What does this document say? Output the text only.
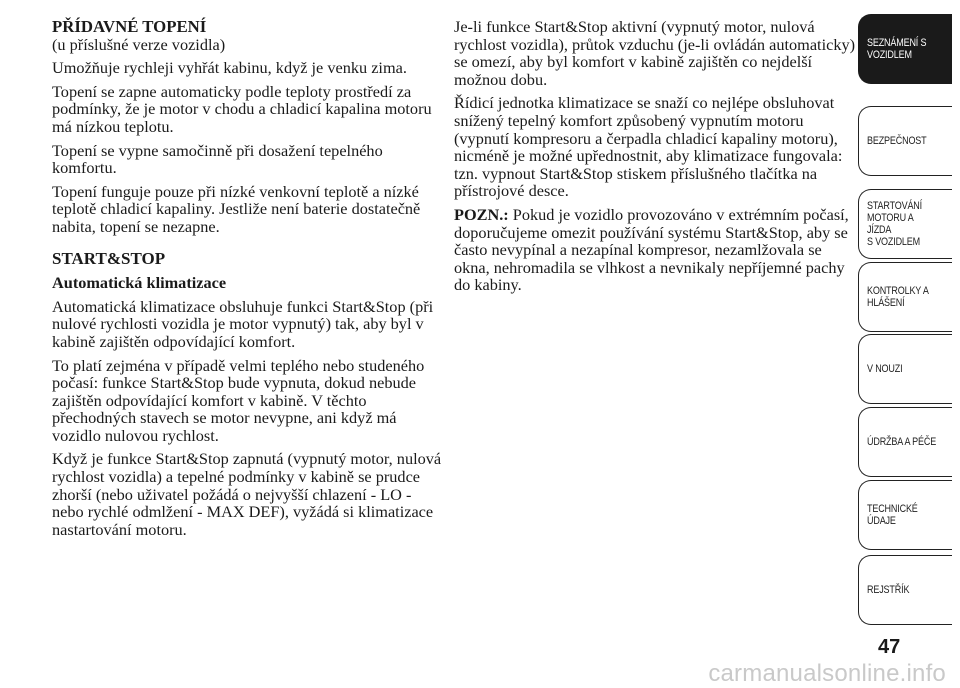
PŘÍDAVNÉ TOPENÍ

(u příslušné verze vozidla)

Umožňuje rychleji vyhřát kabinu, když je venku zima.

Topení se zapne automaticky podle teploty prostředí za podmínky, že je motor v chodu a chladicí kapalina motoru má nízkou teplotu.

Topení se vypne samočinně při dosažení tepelného komfortu.

Topení funguje pouze při nízké venkovní teplotě a nízké teplotě chladicí kapaliny. Jestliže není baterie dostatečně nabita, topení se nezapne.

START&STOP

Automatická klimatizace

Automatická klimatizace obsluhuje funkci Start&Stop (při nulové rychlosti vozidla je motor vypnutý) tak, aby byl v kabině zajištěn odpovídající komfort.

To platí zejména v případě velmi teplého nebo studeného počasí: funkce Start&Stop bude vypnuta, dokud nebude zajištěn odpovídající komfort v kabině. V těchto přechodných stavech se motor nevypne, ani když má vozidlo nulovou rychlost.

Když je funkce Start&Stop zapnutá (vypnutý motor, nulová rychlost vozidla) a tepelné podmínky v kabině se prudce zhorší (nebo uživatel požádá o nejvyšší chlazení - LO - nebo rychlé odmlžení - MAX DEF), vyžádá si klimatizace nastartování motoru.

Je-li funkce Start&Stop aktivní (vypnutý motor, nulová rychlost vozidla), průtok vzduchu (je-li ovládán automaticky) se omezí, aby byl komfort v kabině zajištěn co nejdelší možnou dobu.

Řídicí jednotka klimatizace se snaží co nejlépe obsluhovat snížený tepelný komfort způsobený vypnutím motoru (vypnutí kompresoru a čerpadla chladicí kapaliny motoru), nicméně je možné upřednostnit, aby klimatizace fungovala: tzn. vypnout Start&Stop stiskem příslušného tlačítka na přístrojové desce.

POZN.: Pokud je vozidlo provozováno v extrémním počasí, doporučujeme omezit používání systému Start&Stop, aby se často nevypínal a nezapínal kompresor, nezamlžovala se okna, nehromadila se vlhkost a nevnikaly nepříjemné pachy do kabiny.

SEZNÁMENÍ S
VOZIDLEM
BEZPEČNOST
STARTOVÁNÍ
MOTORU A JÍZDA
S VOZIDLEM
KONTROLKY A
HLÁŠENÍ
V NOUZI
ÚDRŽBA A PÉČE
TECHNICKÉ
ÚDAJE
REJSTŘÍK
47
carmanualsonline.info
